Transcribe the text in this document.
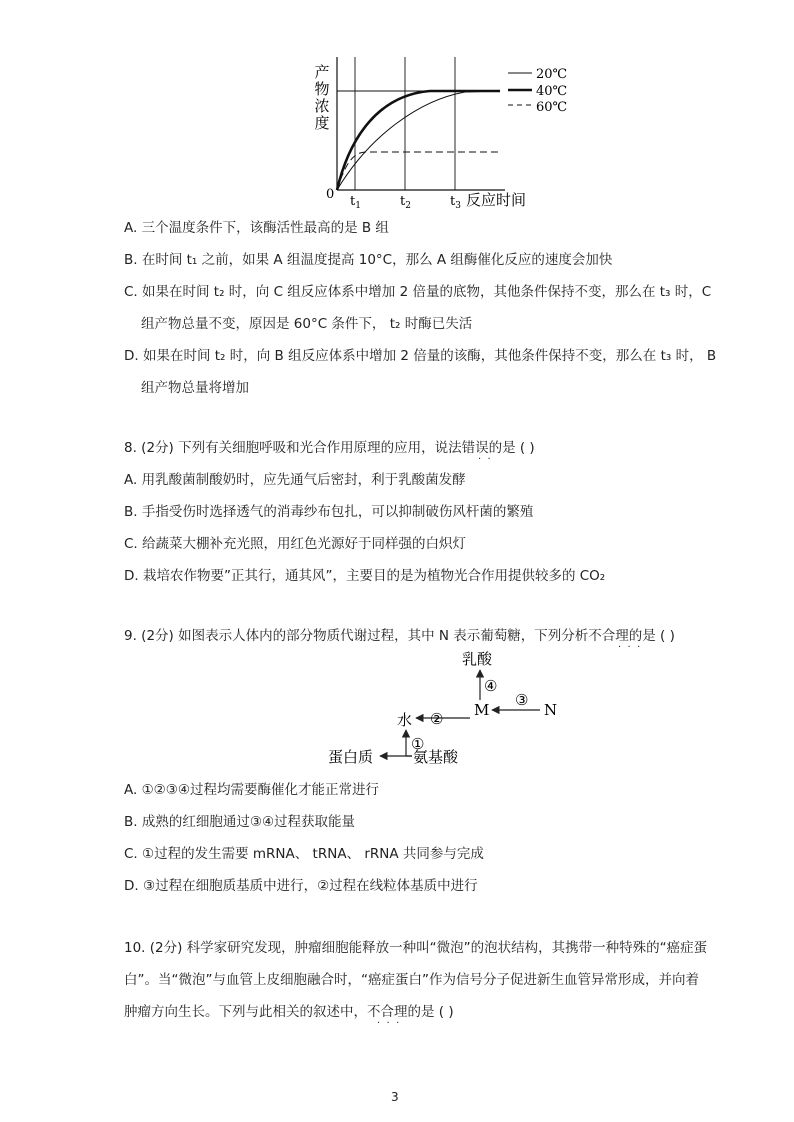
产
物
浓
度
0 $t_1$	$t_2$	$t_3$ 反应时间
20℃
40℃
60℃
A. 三个温度条件下，该酶活性最高的是 B 组
B. 在时间 t₁ 之前，如果 A 组温度提高 10°C，那么 A 组酶催化反应的速度会加快
C. 如果在时间 t₂ 时，向 C 组反应体系中增加 2 倍量的底物，其他条件保持不变，那么在 t₃ 时，C
组产物总量不变，原因是 60°C 条件下， t₂ 时酶已失活
D. 如果在时间 t₂ 时，向 B 组反应体系中增加 2 倍量的该酶，其他条件保持不变，那么在 t₃ 时， B
组产物总量将增加
8. (2分) 下列有关细胞呼吸和光合作用原理的应用，说法错误的是 ( )
·  ·
A. 用乳酸菌制酸奶时，应先通气后密封，利于乳酸菌发酵
B. 手指受伤时选择透气的消毒纱布包扎，可以抑制破伤风杆菌的繁殖
C. 给蔬菜大棚补充光照，用红色光源好于同样强的白炽灯
D. 栽培农作物要”正其行，通其风”，主要目的是为植物光合作用提供较多的 CO₂
9. (2分) 如图表示人体内的部分物质代谢过程，其中 N 表示葡萄糖，下列分析不合理的是 ( )
·  ·  ·
乳酸
M	N
水
蛋白质	氨基酸
④
③
②
①
A. ①②③④过程均需要酶催化才能正常进行
B. 成熟的红细胞通过③④过程获取能量
C. ①过程的发生需要 mRNA、 tRNA、 rRNA 共同参与完成
D. ③过程在细胞质基质中进行，②过程在线粒体基质中进行
10. (2分) 科学家研究发现，肿瘤细胞能释放一种叫“微泡”的泡状结构，其携带一种特殊的“癌症蛋
白”。当“微泡”与血管上皮细胞融合时，“癌症蛋白”作为信号分子促进新生血管异常形成，并向着
肿瘤方向生长。下列与此相关的叙述中，不合理的是 ( )
·  ·  ·
3
